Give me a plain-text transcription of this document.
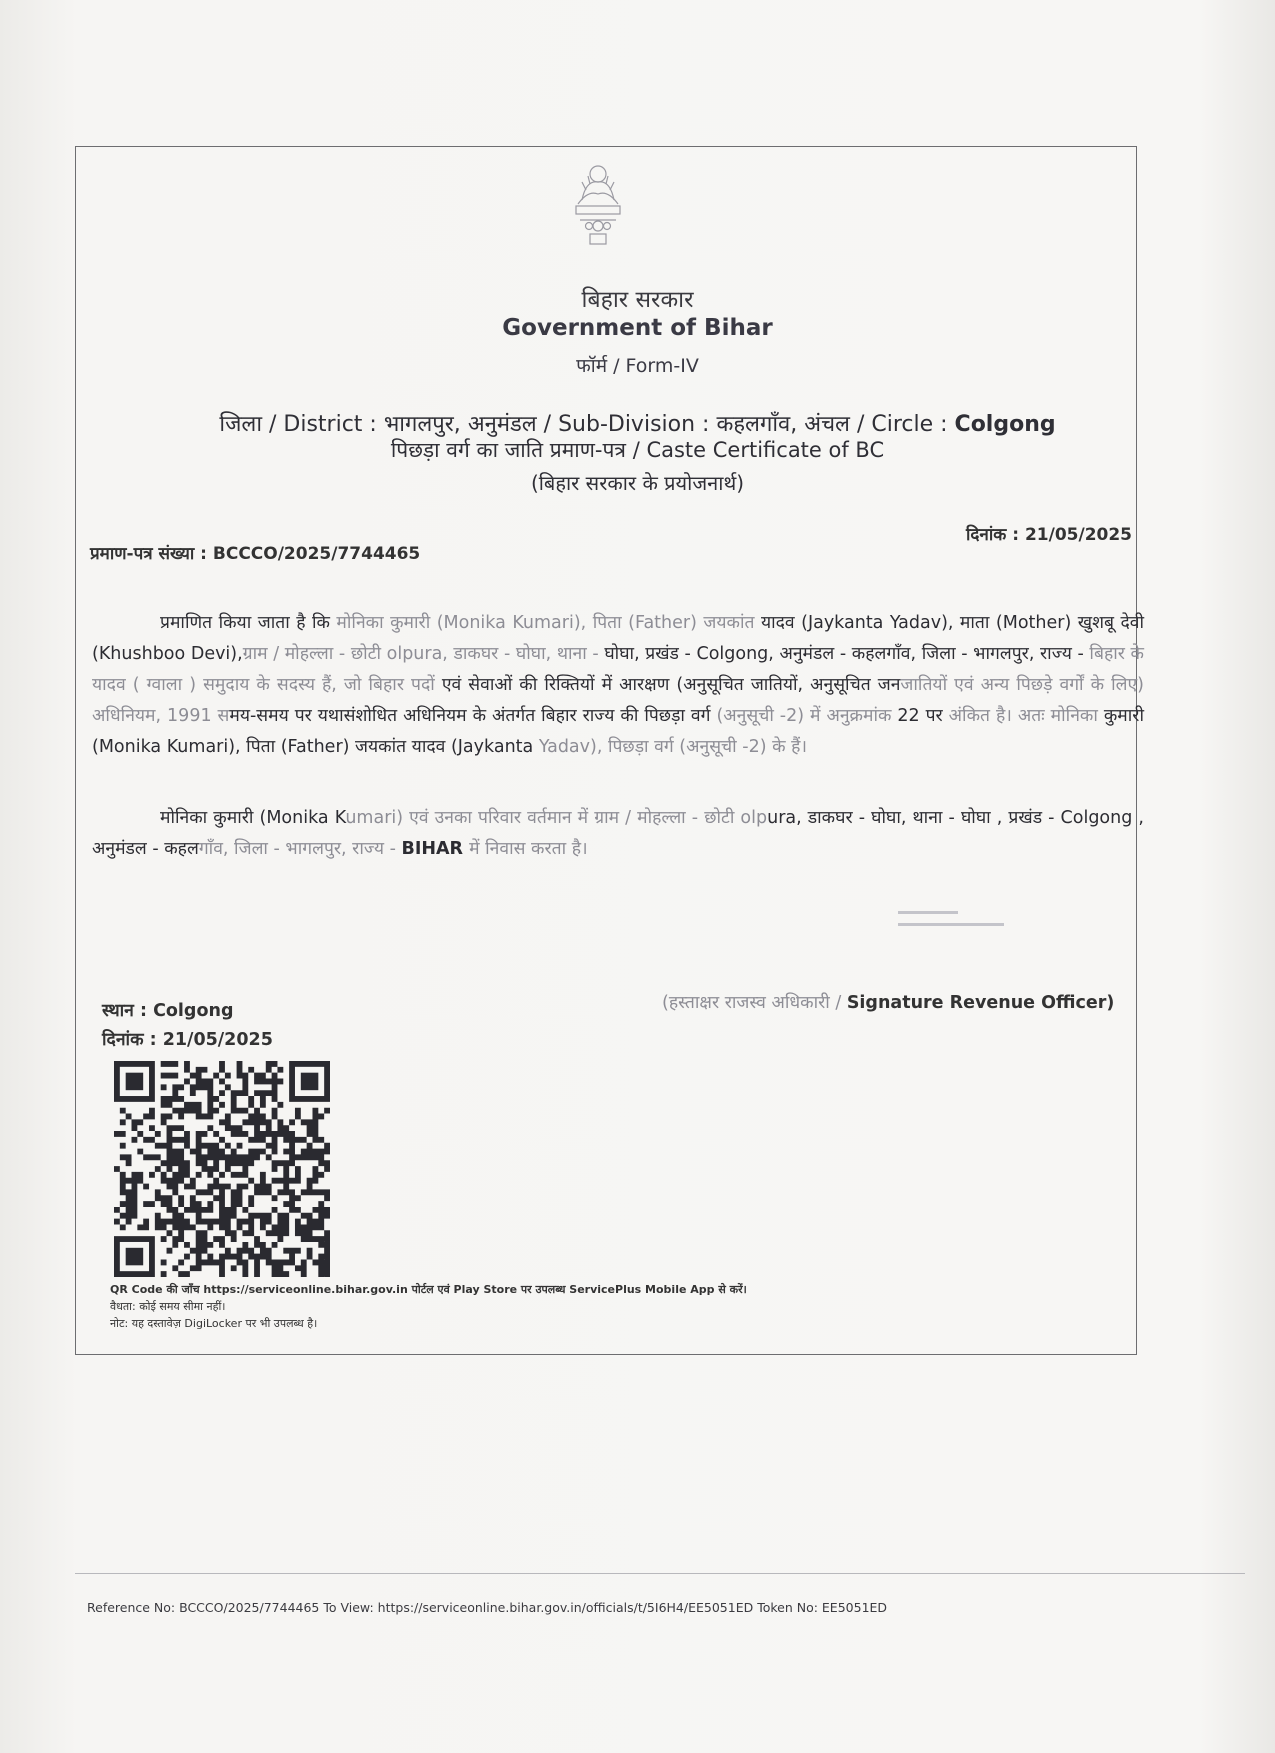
बिहार सरकार
Government of Bihar
फॉर्म / Form-IV
जिला / District : भागलपुर, अनुमंडल / Sub-Division : कहलगाँव, अंचल / Circle : Colgong
पिछड़ा वर्ग का जाति प्रमाण-पत्र / Caste Certificate of BC
(बिहार सरकार के प्रयोजनार्थ)
दिनांक : 21/05/2025
प्रमाण-पत्र संख्या : BCCCO/2025/7744465
प्रमाणित किया जाता है कि मोनिका कुमारी (Monika Kumari), पिता (Father) जयकांत यादव (Jaykanta Yadav), माता (Mother) खुशबू देवी (Khushboo Devi),ग्राम / मोहल्ला - छोटी olpura, डाकघर - घोघा, थाना - घोघा, प्रखंड - Colgong, अनुमंडल - कहलगाँव, जिला - भागलपुर, राज्य - बिहार के यादव ( ग्वाला ) समुदाय के सदस्य हैं, जो बिहार पदों एवं सेवाओं की रिक्तियों में आरक्षण (अनुसूचित जातियों, अनुसूचित जनजातियों एवं अन्य पिछड़े वर्गों के लिए) अधिनियम, 1991 समय-समय पर यथासंशोधित अधिनियम के अंतर्गत बिहार राज्य की पिछड़ा वर्ग (अनुसूची -2) में अनुक्रमांक 22 पर अंकित है। अतः मोनिका कुमारी (Monika Kumari), पिता (Father) जयकांत यादव (Jaykanta Yadav), पिछड़ा वर्ग (अनुसूची -2) के हैं।
मोनिका कुमारी (Monika Kumari) एवं उनका परिवार वर्तमान में ग्राम / मोहल्ला - छोटी olpura, डाकघर - घोघा, थाना - घोघा , प्रखंड - Colgong , अनुमंडल - कहलगाँव, जिला - भागलपुर, राज्य - BIHAR में निवास करता है।
(हस्ताक्षर राजस्व अधिकारी / Signature Revenue Officer)
स्थान : Colgong
दिनांक : 21/05/2025
QR Code की जाँच https://serviceonline.bihar.gov.in पोर्टल एवं Play Store पर उपलब्ध ServicePlus Mobile App से करें।
वैधता: कोई समय सीमा नहीं।
नोट: यह दस्तावेज़ DigiLocker पर भी उपलब्ध है।
Reference No: BCCCO/2025/7744465 To View: https://serviceonline.bihar.gov.in/officials/t/5I6H4/EE5051ED Token No: EE5051ED
